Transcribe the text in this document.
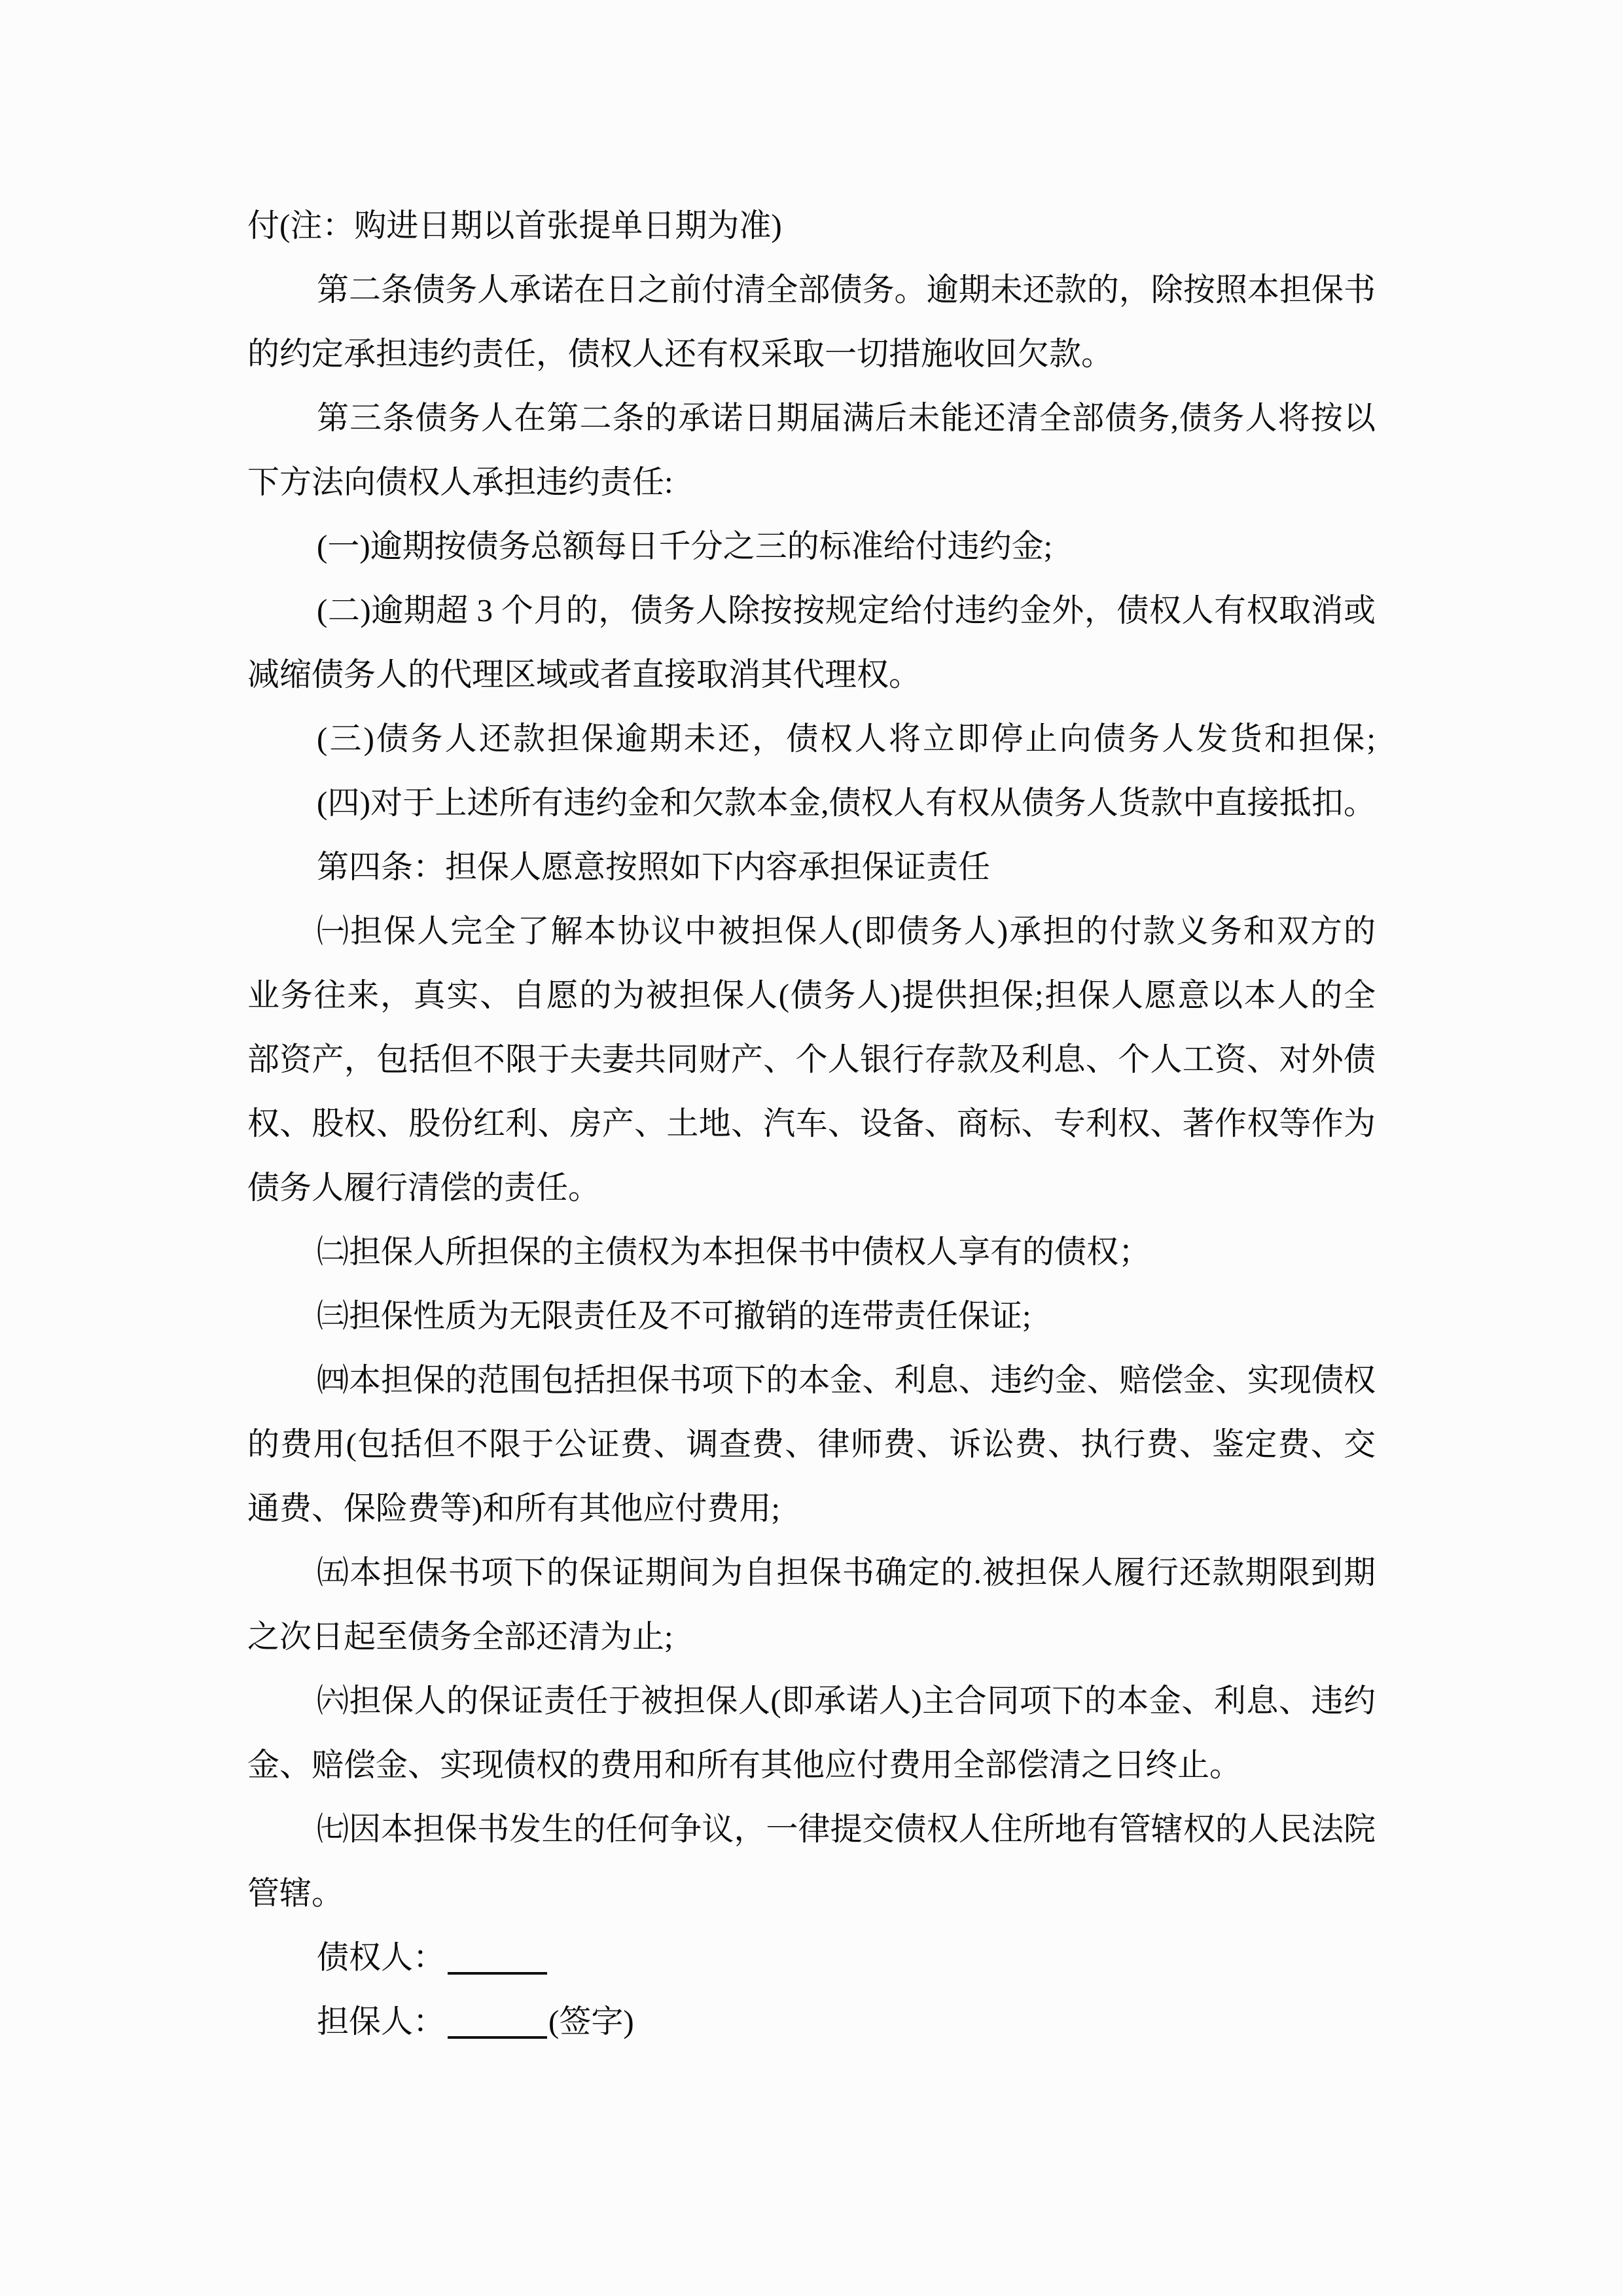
付(注：购进日期以首张提单日期为准)
第二条债务人承诺在日之前付清全部债务。逾期未还款的，除按照本担保书
的约定承担违约责任，债权人还有权采取一切措施收回欠款。
第三条债务人在第二条的承诺日期届满后未能还清全部债务,债务人将按以
下方法向债权人承担违约责任:
(一)逾期按债务总额每日千分之三的标准给付违约金;
(二)逾期超 3 个月的，债务人除按按规定给付违约金外，债权人有权取消或
减缩债务人的代理区域或者直接取消其代理权。
(三)债务人还款担保逾期未还，债权人将立即停止向债务人发货和担保;
(四)对于上述所有违约金和欠款本金,债权人有权从债务人货款中直接抵扣。
第四条：担保人愿意按照如下内容承担保证责任
㈠担保人完全了解本协议中被担保人(即债务人)承担的付款义务和双方的
业务往来，真实、自愿的为被担保人(债务人)提供担保;担保人愿意以本人的全
部资产，包括但不限于夫妻共同财产、个人银行存款及利息、个人工资、对外债
权、股权、股份红利、房产、土地、汽车、设备、商标、专利权、著作权等作为
债务人履行清偿的责任。
㈡担保人所担保的主债权为本担保书中债权人享有的债权；
㈢担保性质为无限责任及不可撤销的连带责任保证;
㈣本担保的范围包括担保书项下的本金、利息、违约金、赔偿金、实现债权
的费用(包括但不限于公证费、调查费、律师费、诉讼费、执行费、鉴定费、交
通费、保险费等)和所有其他应付费用;
㈤本担保书项下的保证期间为自担保书确定的.被担保人履行还款期限到期
之次日起至债务全部还清为止;
㈥担保人的保证责任于被担保人(即承诺人)主合同项下的本金、利息、违约
金、赔偿金、实现债权的费用和所有其他应付费用全部偿清之日终止。
㈦因本担保书发生的任何争议，一律提交债权人住所地有管辖权的人民法院
管辖。
债权人：
担保人：	(签字)
